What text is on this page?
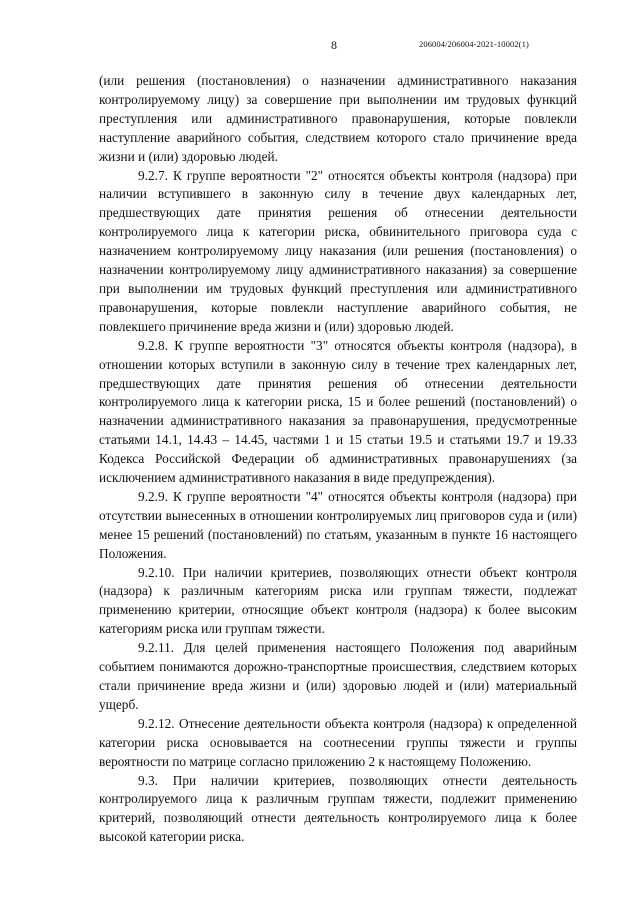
8	206004/206004-2021-10002(1)

(или решения (постановления) о назначении административного наказания контролируемому лицу) за совершение при выполнении им трудовых функций преступления или административного правонарушения, которые повлекли наступление аварийного события, следствием которого стало причинение вреда жизни и (или) здоровью людей.

9.2.7. К группе вероятности "2" относятся объекты контроля (надзора) при наличии вступившего в законную силу в течение двух календарных лет, предшествующих дате принятия решения об отнесении деятельности контролируемого лица к категории риска, обвинительного приговора суда с назначением контролируемому лицу наказания (или решения (постановления) о назначении контролируемому лицу административного наказания) за совершение при выполнении им трудовых функций преступления или административного правонарушения, которые повлекли наступление аварийного события, не повлекшего причинение вреда жизни и (или) здоровью людей.

9.2.8. К группе вероятности "3" относятся объекты контроля (надзора), в отношении которых вступили в законную силу в течение трех календарных лет, предшествующих дате принятия решения об отнесении деятельности контролируемого лица к категории риска, 15 и более решений (постановлений) о назначении административного наказания за правонарушения, предусмотренные статьями 14.1, 14.43 – 14.45, частями 1 и 15 статьи 19.5 и статьями 19.7 и 19.33 Кодекса Российской Федерации об административных правонарушениях (за исключением административного наказания в виде предупреждения).

9.2.9. К группе вероятности "4" относятся объекты контроля (надзора) при отсутствии вынесенных в отношении контролируемых лиц приговоров суда и (или) менее 15 решений (постановлений) по статьям, указанным в пункте 16 настоящего Положения.

9.2.10. При наличии критериев, позволяющих отнести объект контроля (надзора) к различным категориям риска или группам тяжести, подлежат применению критерии, относящие объект контроля (надзора) к более высоким категориям риска или группам тяжести.

9.2.11. Для целей применения настоящего Положения под аварийным событием понимаются дорожно-транспортные происшествия, следствием которых стали причинение вреда жизни и (или) здоровью людей и (или) материальный ущерб.

9.2.12. Отнесение деятельности объекта контроля (надзора) к определенной категории риска основывается на соотнесении группы тяжести и группы вероятности по матрице согласно приложению 2 к настоящему Положению.

9.3. При наличии критериев, позволяющих отнести деятельность контролируемого лица к различным группам тяжести, подлежит применению критерий, позволяющий отнести деятельность контролируемого лица к более высокой категории риска.
